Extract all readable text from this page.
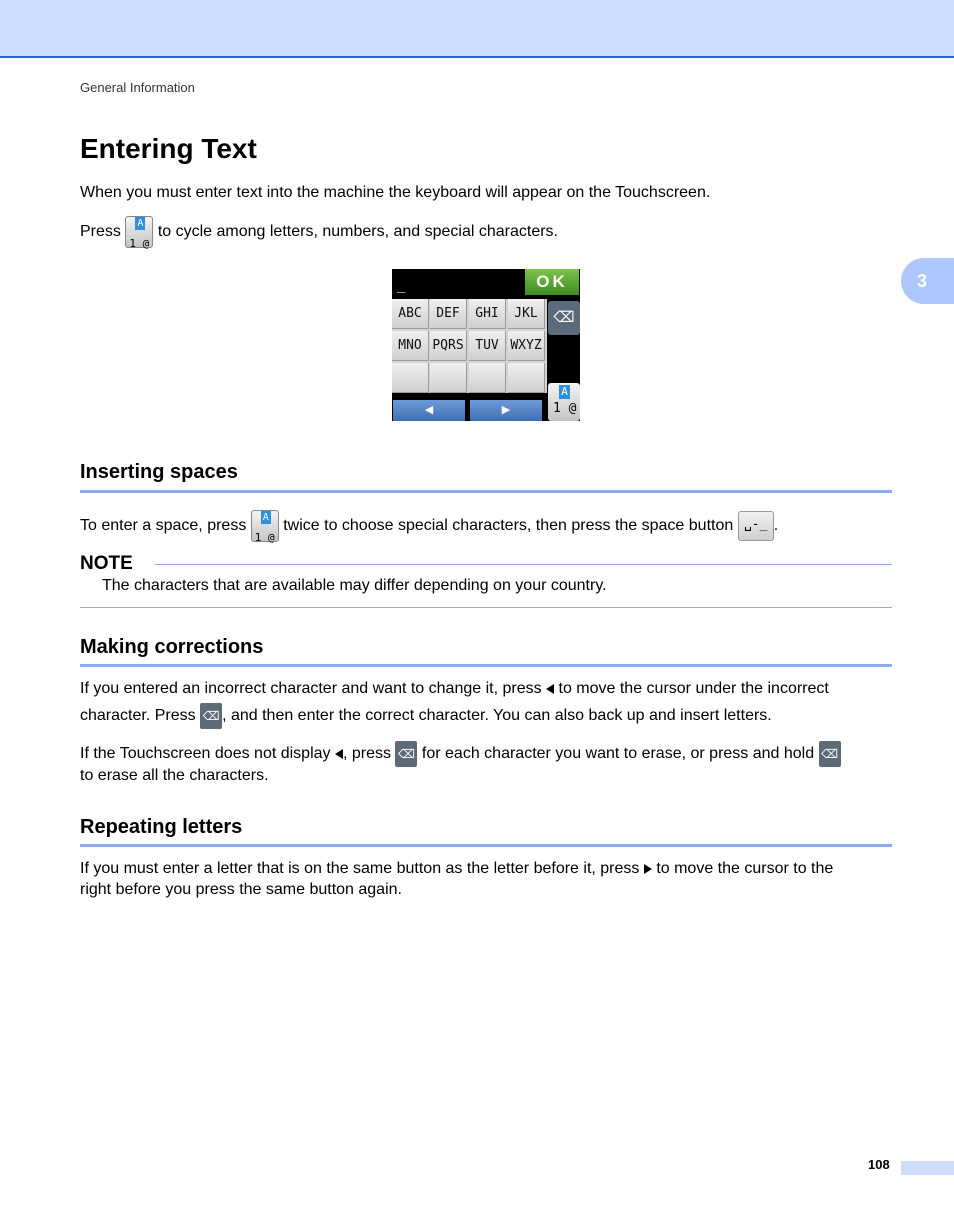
General Information
3
Entering Text

When you must enter text into the machine the keyboard will appear on the Touchscreen.

Press A
1 @
to cycle among letters, numbers, and special characters.

_	OK
ABC	DEF	GHI	JKL
MNO PQRS TUV WXYZ
⌫
◀	▶
A
1 @
Inserting spaces

To enter a space, press A
1 @
twice to choose special characters, then press the space button ␣-_ .

NOTE
The characters that are available may differ depending on your country.
Making corrections

If you entered an incorrect character and want to change it, press to move the cursor under the incorrect

character. Press ⌫ , and then enter the correct character. You can also back up and insert letters.

If the Touchscreen does not display , press ⌫ for each character you want to erase, or press and hold ⌫

to erase all the characters.

Repeating letters

If you must enter a letter that is on the same button as the letter before it, press to move the cursor to the

right before you press the same button again.

108
